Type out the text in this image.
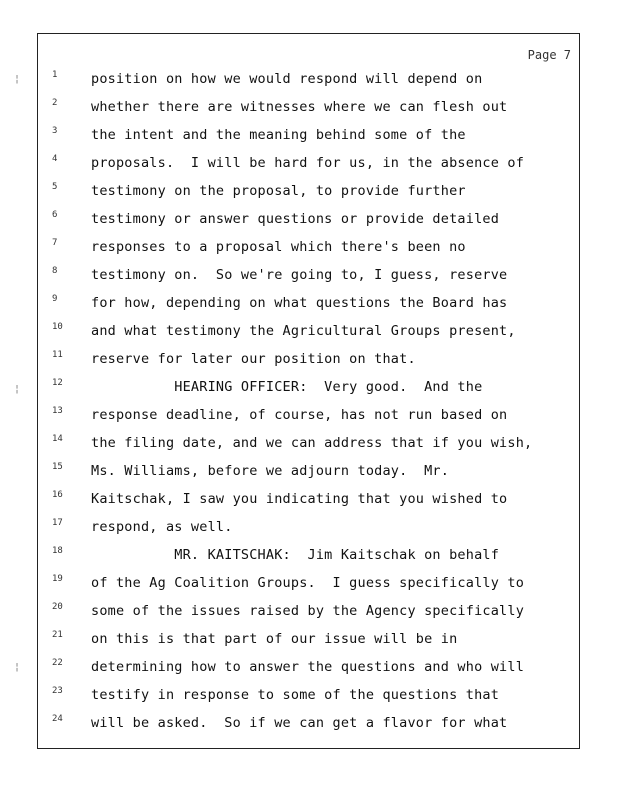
¦
¦
¦
Page 7
1	position on how we would respond will depend on
2	whether there are witnesses where we can flesh out
3	the intent and the meaning behind some of the
4	proposals.  I will be hard for us, in the absence of
5	testimony on the proposal, to provide further
6	testimony or answer questions or provide detailed
7	responses to a proposal which there's been no
8	testimony on.  So we're going to, I guess, reserve
9	for how, depending on what questions the Board has
10	and what testimony the Agricultural Groups present,
11	reserve for later our position on that.
12	HEARING OFFICER:  Very good.  And the
13	response deadline, of course, has not run based on
14	the filing date, and we can address that if you wish,
15	Ms. Williams, before we adjourn today.  Mr.
16	Kaitschak, I saw you indicating that you wished to
17	respond, as well.
18	MR. KAITSCHAK:  Jim Kaitschak on behalf
19	of the Ag Coalition Groups.  I guess specifically to
20	some of the issues raised by the Agency specifically
21	on this is that part of our issue will be in
22	determining how to answer the questions and who will
23	testify in response to some of the questions that
24	will be asked.  So if we can get a flavor for what
